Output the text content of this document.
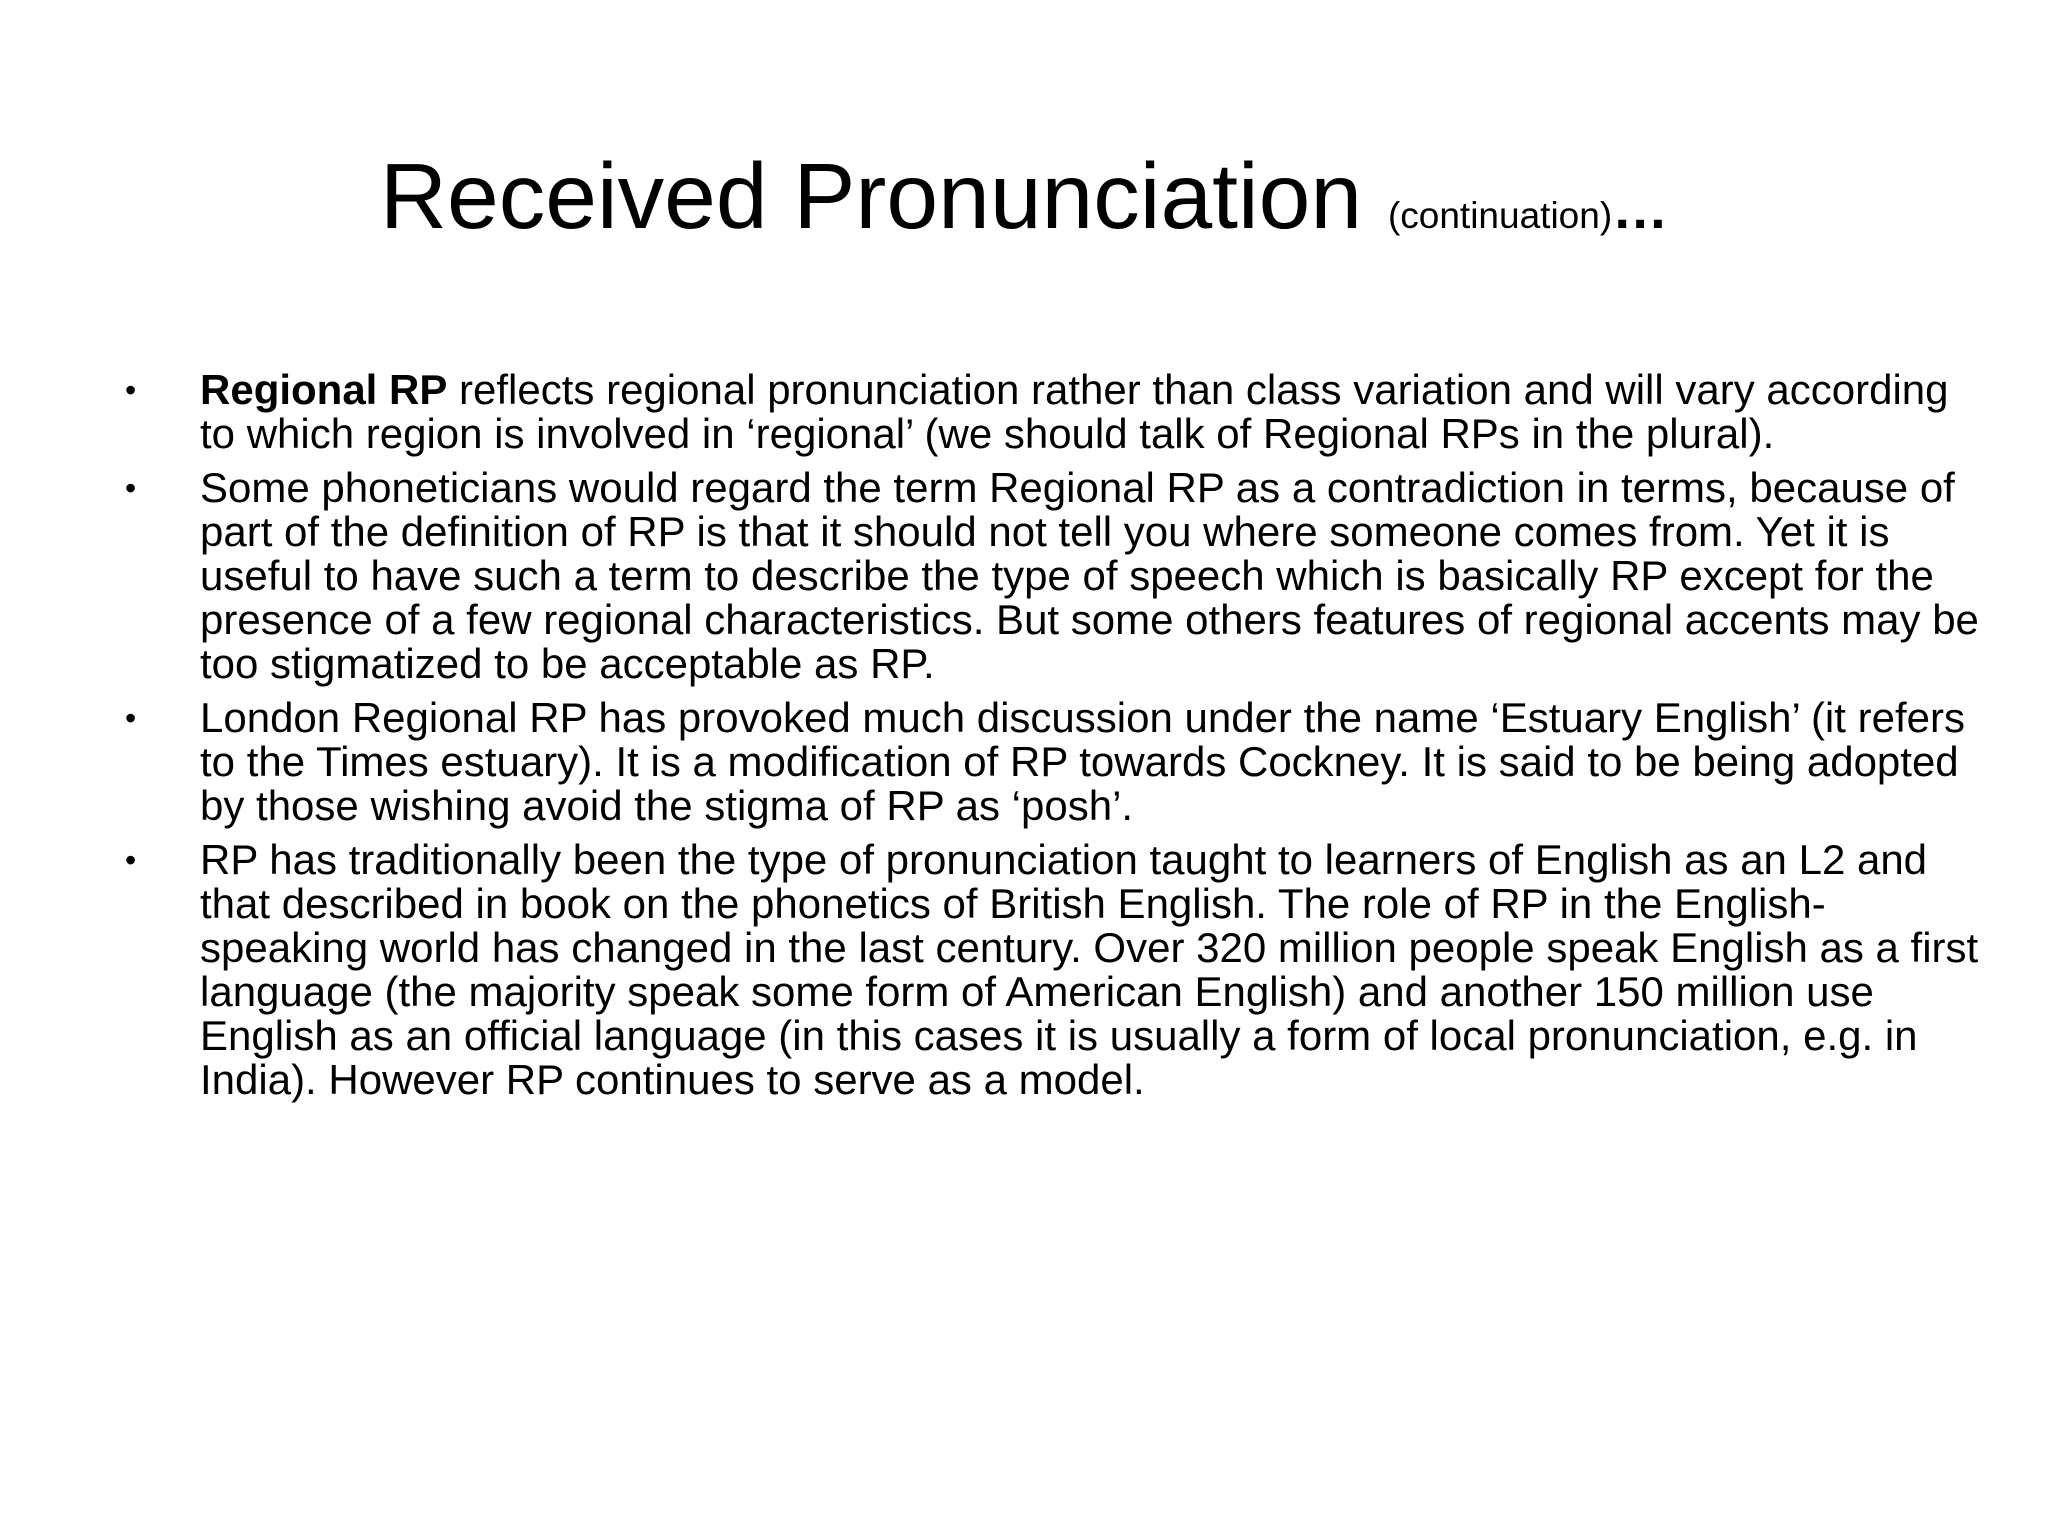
Received Pronunciation (continuation)…
• Regional RP reflects regional pronunciation rather than class variation and will vary according to which region is involved in ‘regional’ (we should talk of Regional RPs in the plural).
• Some phoneticians would regard the term Regional RP as a contradiction in terms, because of part of the definition of RP is that it should not tell you where someone comes from. Yet it is useful to have such a term to describe the type of speech which is basically RP except for the presence of a few regional characteristics. But some others features of regional accents may be too stigmatized to be acceptable as RP.
• London Regional RP has provoked much discussion under the name ‘Estuary English’ (it refers to the Times estuary). It is a modification of RP towards Cockney. It is said to be being adopted by those wishing avoid the stigma of RP as ‘posh’.
• RP has traditionally been the type of pronunciation taught to learners of English as an L2 and that described in book on the phonetics of British English. The role of RP in the English-speaking world has changed in the last century. Over 320 million people speak English as a first language (the majority speak some form of American English) and another 150 million use English as an official language (in this cases it is usually a form of local pronunciation, e.g. in India). However RP continues to serve as a model.
